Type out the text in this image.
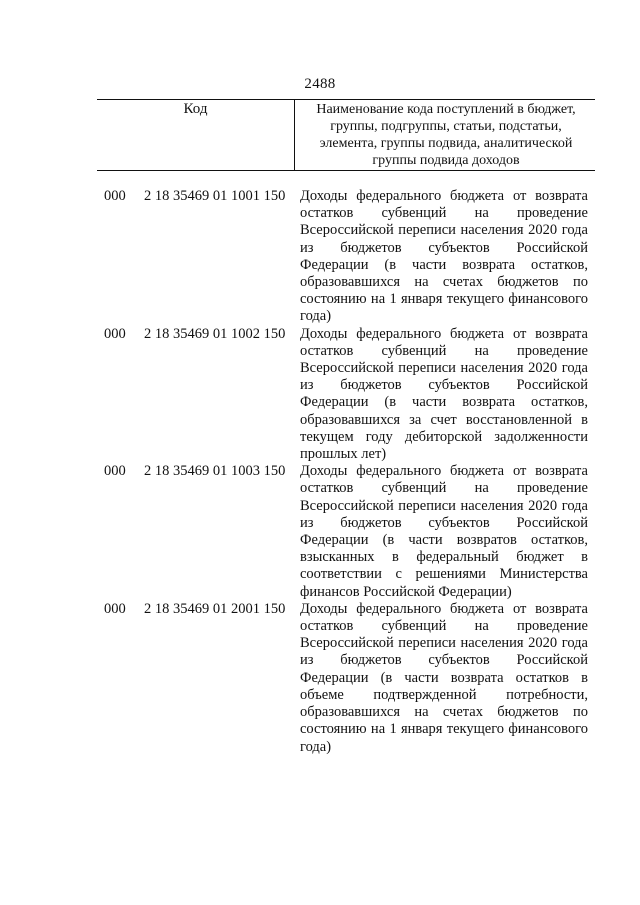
2488
Код	Наименование кода поступлений в бюджет, группы, подгруппы, статьи, подстатьи, элемента, группы подвида, аналитической группы подвида доходов
000	2 18 35469 01 1001 150	Доходы федерального бюджета от возврата остатков субвенций на проведение Всероссийской переписи населения 2020 года из бюджетов субъектов Российской Федерации (в части возврата остатков, образовавшихся на счетах бюджетов по состоянию на 1 января текущего финансового года)
000	2 18 35469 01 1002 150	Доходы федерального бюджета от возврата остатков субвенций на проведение Всероссийской переписи населения 2020 года из бюджетов субъектов Российской Федерации (в части возврата остатков, образовавшихся за счет восстановленной в текущем году дебиторской задолженности прошлых лет)
000	2 18 35469 01 1003 150	Доходы федерального бюджета от возврата остатков субвенций на проведение Всероссийской переписи населения 2020 года из бюджетов субъектов Российской Федерации (в части возвратов остатков, взысканных в федеральный бюджет в соответствии с решениями Министерства финансов Российской Федерации)
000	2 18 35469 01 2001 150	Доходы федерального бюджета от возврата остатков субвенций на проведение Всероссийской переписи населения 2020 года из бюджетов субъектов Российской Федерации (в части возврата остатков в объеме подтвержденной потребности, образовавшихся на счетах бюджетов по состоянию на 1 января текущего финансового года)
